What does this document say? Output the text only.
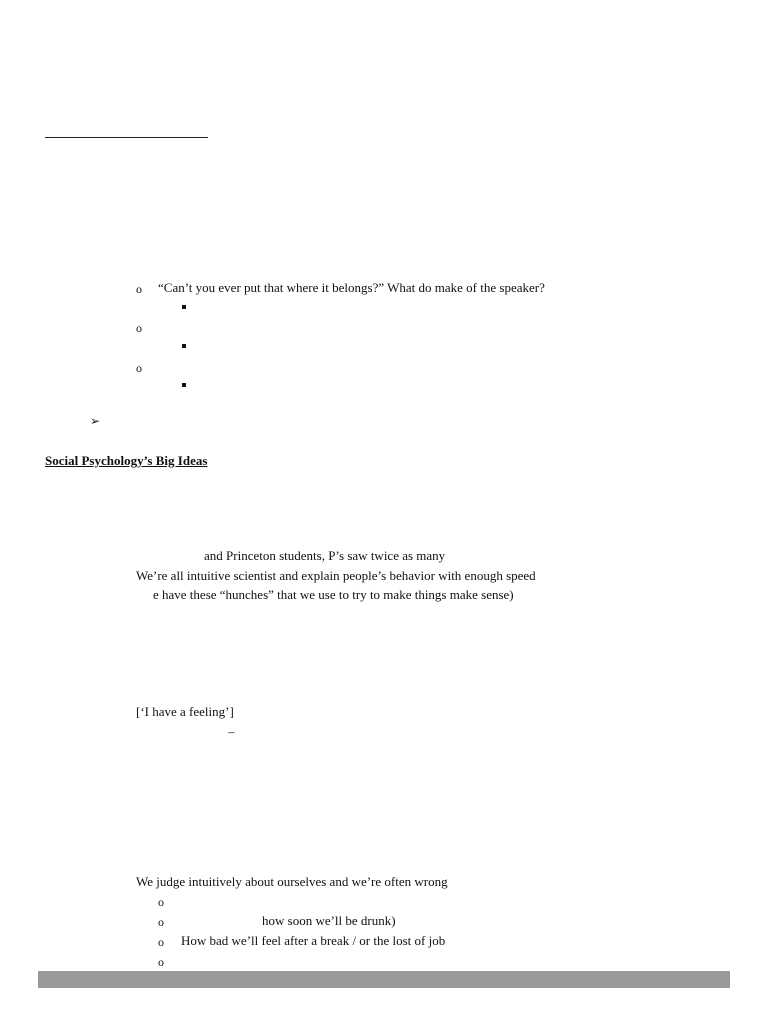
o “Can’t you ever put that where it belongs?” What do make of the speaker?
o
o
➢
Social Psychology’s Big Ideas
and Princeton students, P’s saw twice as many
We’re all intuitive scientist and explain people’s behavior with enough speed
e have these “hunches” that we use to try to make things make sense)
[‘I have a feeling’]
–
We judge intuitively about ourselves and we’re often wrong
o
o	how soon we’ll be drunk)
o How bad we’ll feel after a break / or the lost of job
o
